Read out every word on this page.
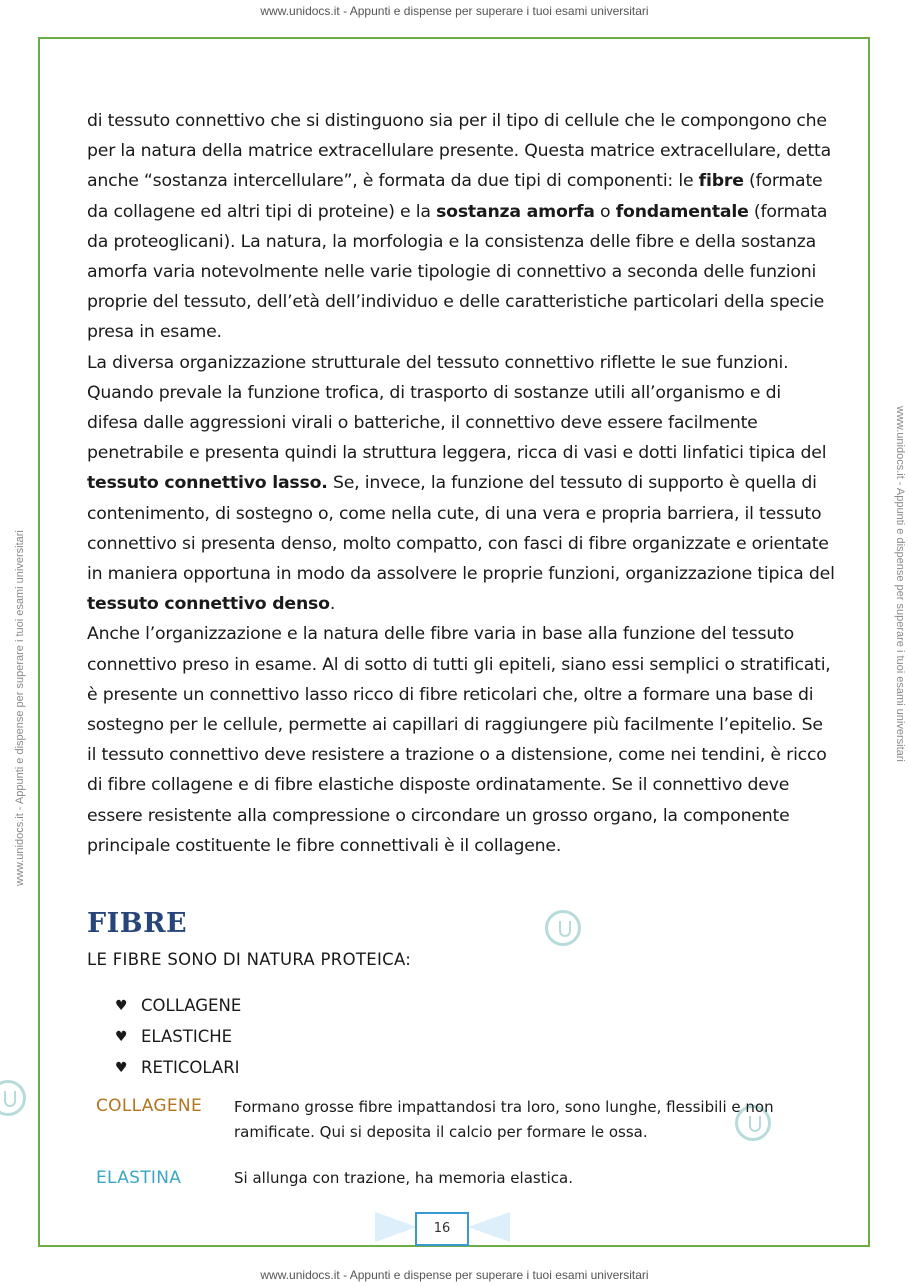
www.unidocs.it - Appunti e dispense per superare i tuoi esami universitari
www.unidocs.it - Appunti e dispense per superare i tuoi esami universitari	www.unidocs.it - Appunti e dispense per superare i tuoi esami universitari

di tessuto connettivo che si distinguono sia per il tipo di cellule che le compongono che per la natura della matrice extracellulare presente. Questa matrice extracellulare, detta anche “sostanza intercellulare”, è formata da due tipi di componenti: le fibre (formate da collagene ed altri tipi di proteine) e la sostanza amorfa o fondamentale (formata da proteoglicani). La natura, la morfologia e la consistenza delle fibre e della sostanza amorfa varia notevolmente nelle varie tipologie di connettivo a seconda delle funzioni proprie del tessuto, dell’età dell’individuo e delle caratteristiche particolari della specie presa in esame.

La diversa organizzazione strutturale del tessuto connettivo riflette le sue funzioni. Quando prevale la funzione trofica, di trasporto di sostanze utili all’organismo e di difesa dalle aggressioni virali o batteriche, il connettivo deve essere facilmente penetrabile e presenta quindi la struttura leggera, ricca di vasi e dotti linfatici tipica del tessuto connettivo lasso. Se, invece, la funzione del tessuto di supporto è quella di contenimento, di sostegno o, come nella cute, di una vera e propria barriera, il tessuto connettivo si presenta denso, molto compatto, con fasci di fibre organizzate e orientate in maniera opportuna in modo da assolvere le proprie funzioni, organizzazione tipica del tessuto connettivo denso.

Anche l’organizzazione e la natura delle fibre varia in base alla funzione del tessuto connettivo preso in esame. Al di sotto di tutti gli epiteli, siano essi semplici o stratificati, è presente un connettivo lasso ricco di fibre reticolari che, oltre a formare una base di sostegno per le cellule, permette ai capillari di raggiungere più facilmente l’epitelio. Se il tessuto connettivo deve resistere a trazione o a distensione, come nei tendini, è ricco di fibre collagene e di fibre elastiche disposte ordinatamente. Se il connettivo deve essere resistente alla compressione o circondare un grosso organo, la componente principale costituente le fibre connettivali è il collagene.

FIBRE
LE FIBRE SONO DI NATURA PROTEICA:
♥ COLLAGENE
♥ ELASTICHE
♥ RETICOLARI
COLLAGENE Formano grosse fibre impattandosi tra loro, sono lunghe, flessibili e non ramificate. Qui si deposita il calcio per formare le ossa.
ELASTINA	Si allunga con trazione, ha memoria elastica.
16
www.unidocs.it - Appunti e dispense per superare i tuoi esami universitari
